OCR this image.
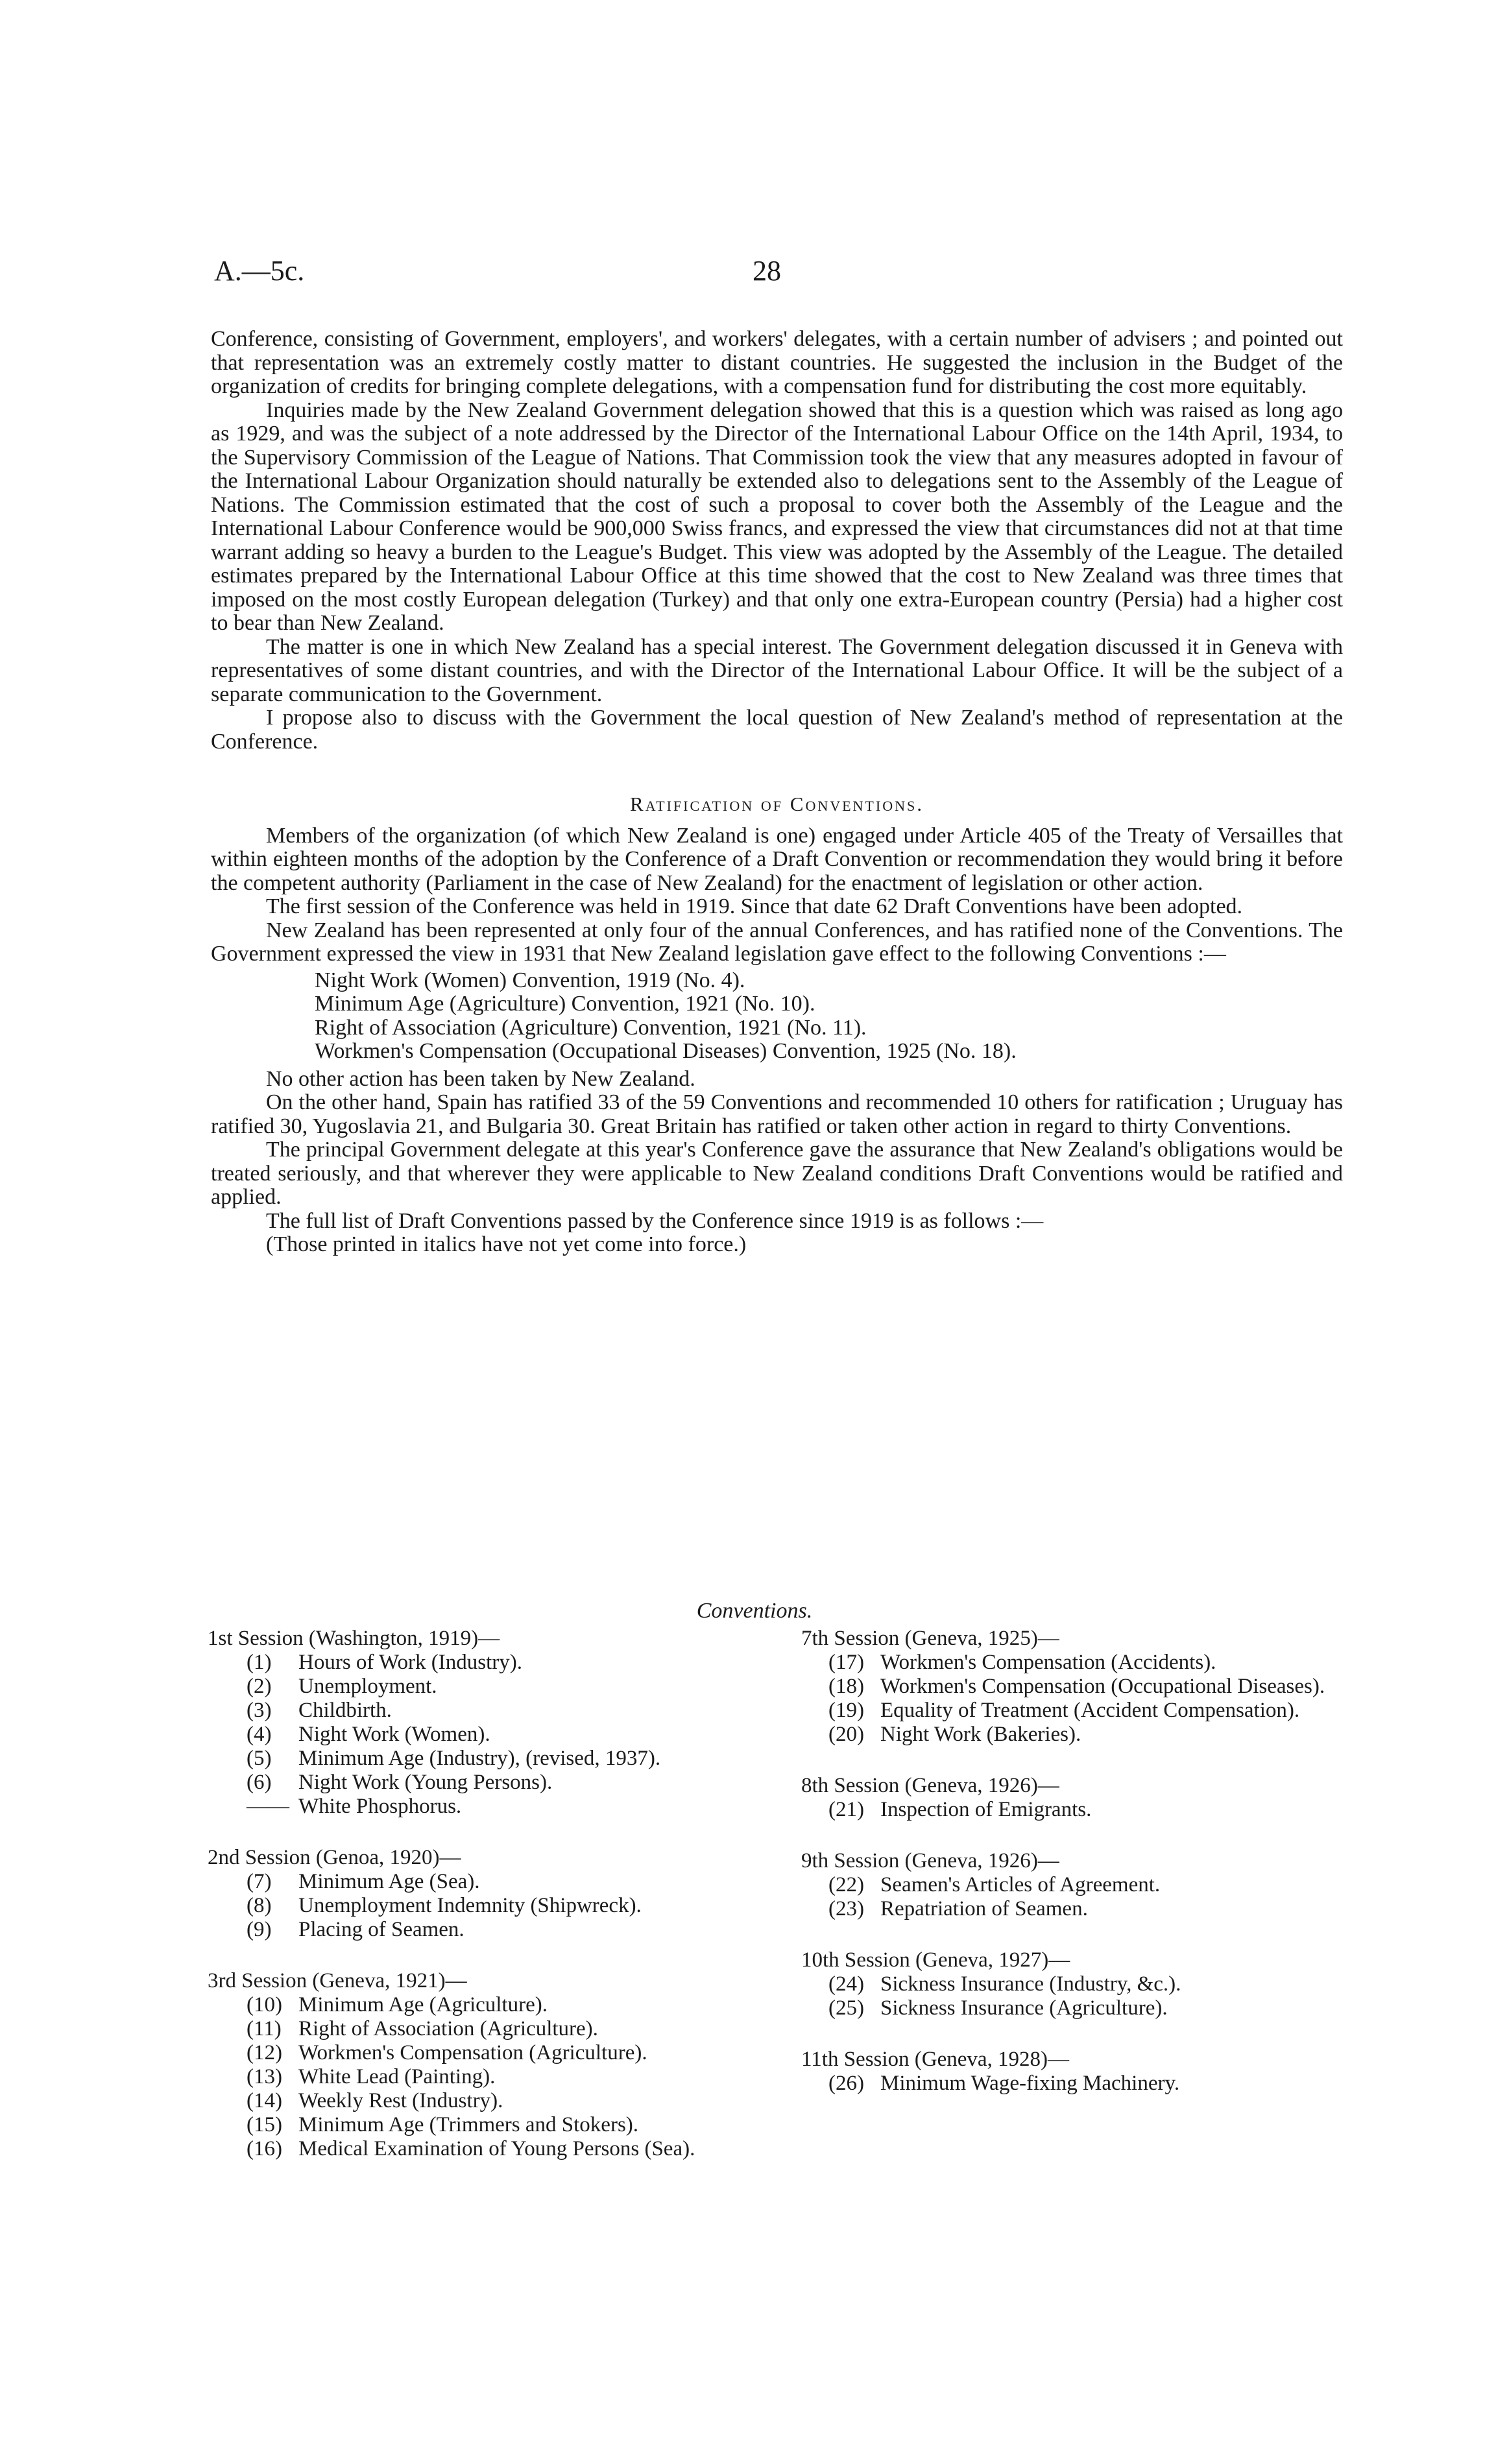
A.—5c.	28

Conference, consisting of Government, employers', and workers' delegates, with a certain number of advisers ; and pointed out that representation was an extremely costly matter to distant countries. He suggested the inclusion in the Budget of the organization of credits for bringing complete delegations, with a compensation fund for distributing the cost more equitably.

Inquiries made by the New Zealand Government delegation showed that this is a question which was raised as long ago as 1929, and was the subject of a note addressed by the Director of the International Labour Office on the 14th April, 1934, to the Supervisory Commission of the League of Nations. That Commission took the view that any measures adopted in favour of the International Labour Organization should naturally be extended also to delegations sent to the Assembly of the League of Nations. The Commission estimated that the cost of such a proposal to cover both the Assembly of the League and the International Labour Conference would be 900,000 Swiss francs, and expressed the view that circumstances did not at that time warrant adding so heavy a burden to the League's Budget. This view was adopted by the Assembly of the League. The detailed estimates prepared by the International Labour Office at this time showed that the cost to New Zealand was three times that imposed on the most costly European delegation (Turkey) and that only one extra-European country (Persia) had a higher cost to bear than New Zealand.

The matter is one in which New Zealand has a special interest. The Government delegation discussed it in Geneva with representatives of some distant countries, and with the Director of the International Labour Office. It will be the subject of a separate communication to the Government.

I propose also to discuss with the Government the local question of New Zealand's method of representation at the Conference.

Ratification of Conventions.

Members of the organization (of which New Zealand is one) engaged under Article 405 of the Treaty of Versailles that within eighteen months of the adoption by the Conference of a Draft Convention or recommendation they would bring it before the competent authority (Parliament in the case of New Zealand) for the enactment of legislation or other action.

The first session of the Conference was held in 1919. Since that date 62 Draft Conventions have been adopted.

New Zealand has been represented at only four of the annual Conferences, and has ratified none of the Conventions. The Government expressed the view in 1931 that New Zealand legislation gave effect to the following Conventions :—

Night Work (Women) Convention, 1919 (No. 4).
Minimum Age (Agriculture) Convention, 1921 (No. 10).
Right of Association (Agriculture) Convention, 1921 (No. 11).
Workmen's Compensation (Occupational Diseases) Convention, 1925 (No. 18).

No other action has been taken by New Zealand.

On the other hand, Spain has ratified 33 of the 59 Conventions and recommended 10 others for ratification ; Uruguay has ratified 30, Yugoslavia 21, and Bulgaria 30. Great Britain has ratified or taken other action in regard to thirty Conventions.

The principal Government delegate at this year's Conference gave the assurance that New Zealand's obligations would be treated seriously, and that wherever they were applicable to New Zealand conditions Draft Conventions would be ratified and applied.

The full list of Draft Conventions passed by the Conference since 1919 is as follows :—

(Those printed in italics have not yet come into force.)

Conventions.
1st Session (Washington, 1919)—
(1)	Hours of Work (Industry).
(2)	Unemployment.
(3)	Childbirth.
(4)	Night Work (Women).
(5)	Minimum Age (Industry), (revised, 1937).
(6)	Night Work (Young Persons).
—— White Phosphorus.
2nd Session (Genoa, 1920)—
(7)	Minimum Age (Sea).
(8)	Unemployment Indemnity (Shipwreck).
(9)	Placing of Seamen.
3rd Session (Geneva, 1921)—
(10) Minimum Age (Agriculture).
(11) Right of Association (Agriculture).
(12) Workmen's Compensation (Agriculture).
(13) White Lead (Painting).
(14) Weekly Rest (Industry).
(15) Minimum Age (Trimmers and Stokers).
(16) Medical Examination of Young Persons (Sea).
7th Session (Geneva, 1925)—
(17) Workmen's Compensation (Accidents).
(18) Workmen's Compensation (Occupational Diseases).
(19) Equality of Treatment (Accident Compensation).
(20) Night Work (Bakeries).
8th Session (Geneva, 1926)—
(21) Inspection of Emigrants.
9th Session (Geneva, 1926)—
(22) Seamen's Articles of Agreement.
(23) Repatriation of Seamen.
10th Session (Geneva, 1927)—
(24) Sickness Insurance (Industry, &c.).
(25) Sickness Insurance (Agriculture).
11th Session (Geneva, 1928)—
(26) Minimum Wage-fixing Machinery.
